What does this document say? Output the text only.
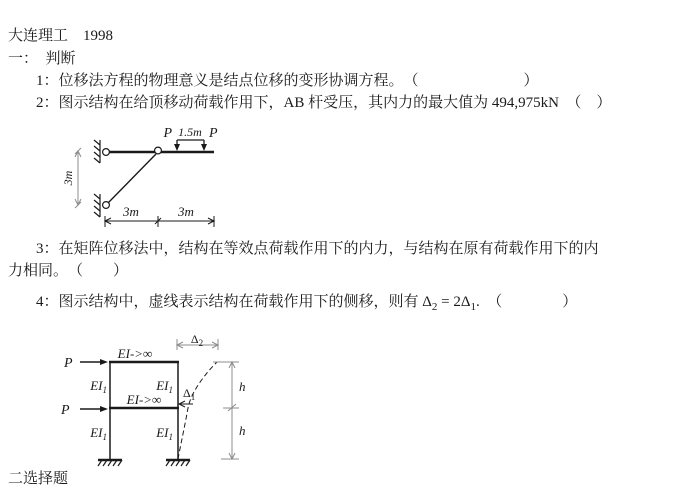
大连理工　1998
一：　判断
1：位移法方程的物理意义是结点位移的变形协调方程。　（　　　　　　　）
2：图示结构在给顶移动荷载作用下，AB 杆受压，其内力的最大值为 494,975kN　（　）
3：在矩阵位移法中，结构在等效点荷载作用下的内力，与结构在原有荷载作用下的内
力相同。　（　　）
4：图示结构中，虚线表示结构在荷载作用下的侧移，则有 $\Delta_2 = 2\Delta_1$.　（　　　　）
二选择题
P 1.5m P
3m
3m	3m
P
P
EI->∞
EI->∞
$EI_1$	$EI_1$
$EI_1$	$EI_1$
$\Delta_1$
$\Delta_2$
h
h
